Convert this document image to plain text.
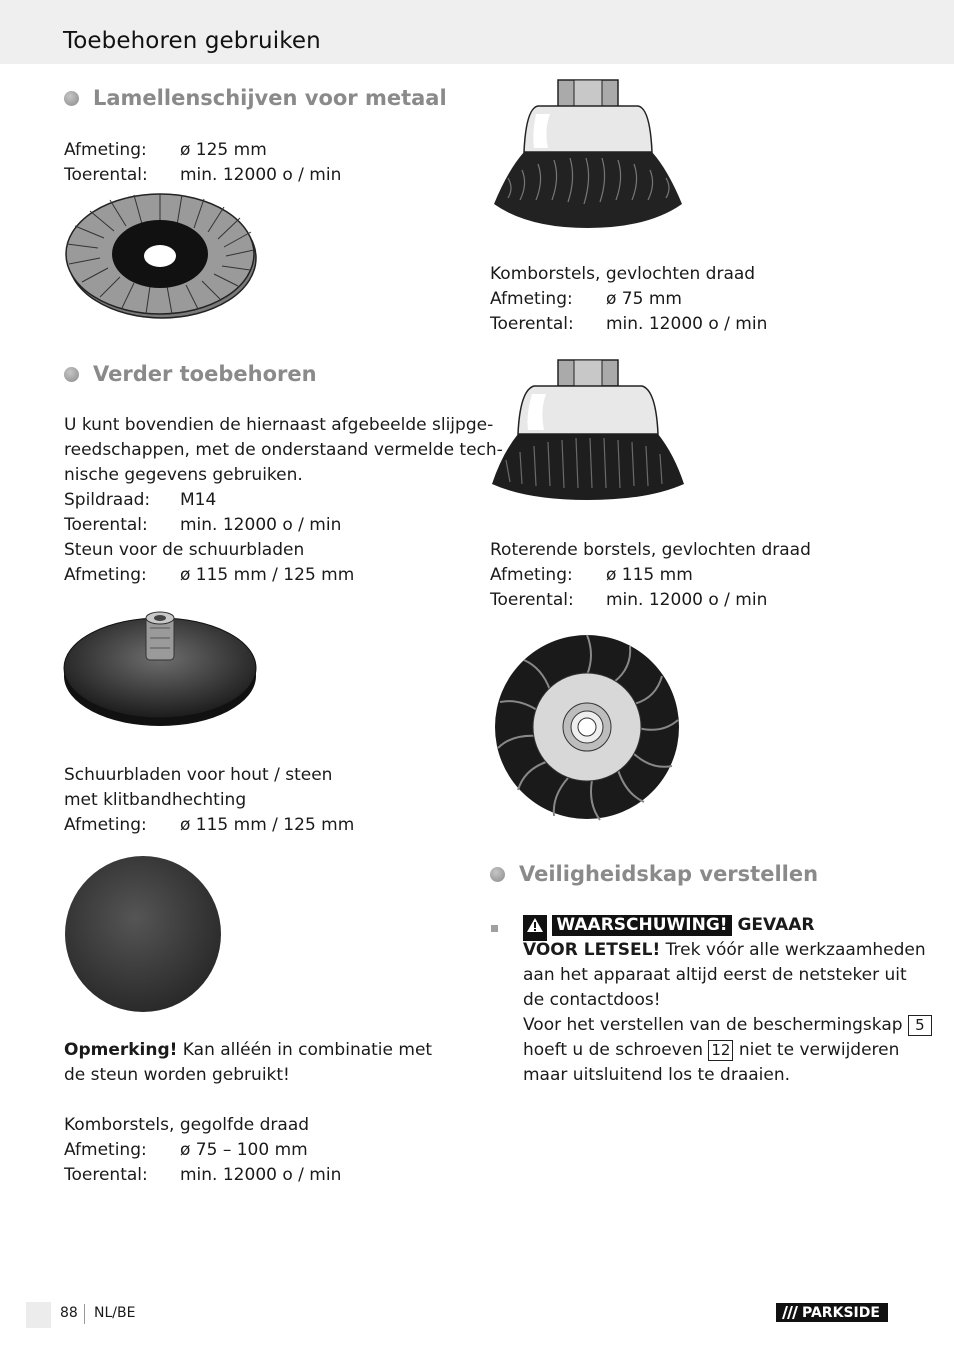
Toebehoren gebruiken
Lamellenschijven voor metaal
Afmeting: ø 125 mm
Toerental: min. 12000 o / min
Verder toebehoren
U kunt bovendien de hiernaast afgebeelde slijpge-
reedschappen, met de onderstaand vermelde tech-
nische gegevens gebruiken.
Spildraad: M14
Toerental: min. 12000 o / min
Steun voor de schuurbladen
Afmeting: ø 115 mm / 125 mm
Schuurbladen voor hout / steen
met klitbandhechting
Afmeting: ø 115 mm / 125 mm
Opmerking! Kan alléén in combinatie met
de steun worden gebruikt!
Komborstels, gegolfde draad
Afmeting: ø 75 – 100 mm
Toerental: min. 12000 o / min
Komborstels, gevlochten draad
Afmeting: ø 75 mm
Toerental: min. 12000 o / min
Roterende borstels, gevlochten draad
Afmeting: ø 115 mm
Toerental: min. 12000 o / min
Veiligheidskap verstellen
WAARSCHUWING! GEVAAR
VOOR LETSEL! Trek vóór alle werkzaamheden
aan het apparaat altijd eerst de netsteker uit
de contactdoos!
Voor het verstellen van de beschermingskap 5
hoeft u de schroeven 12 niet te verwijderen
maar uitsluitend los te draaien.
88 NL/BE	PARKSIDE
